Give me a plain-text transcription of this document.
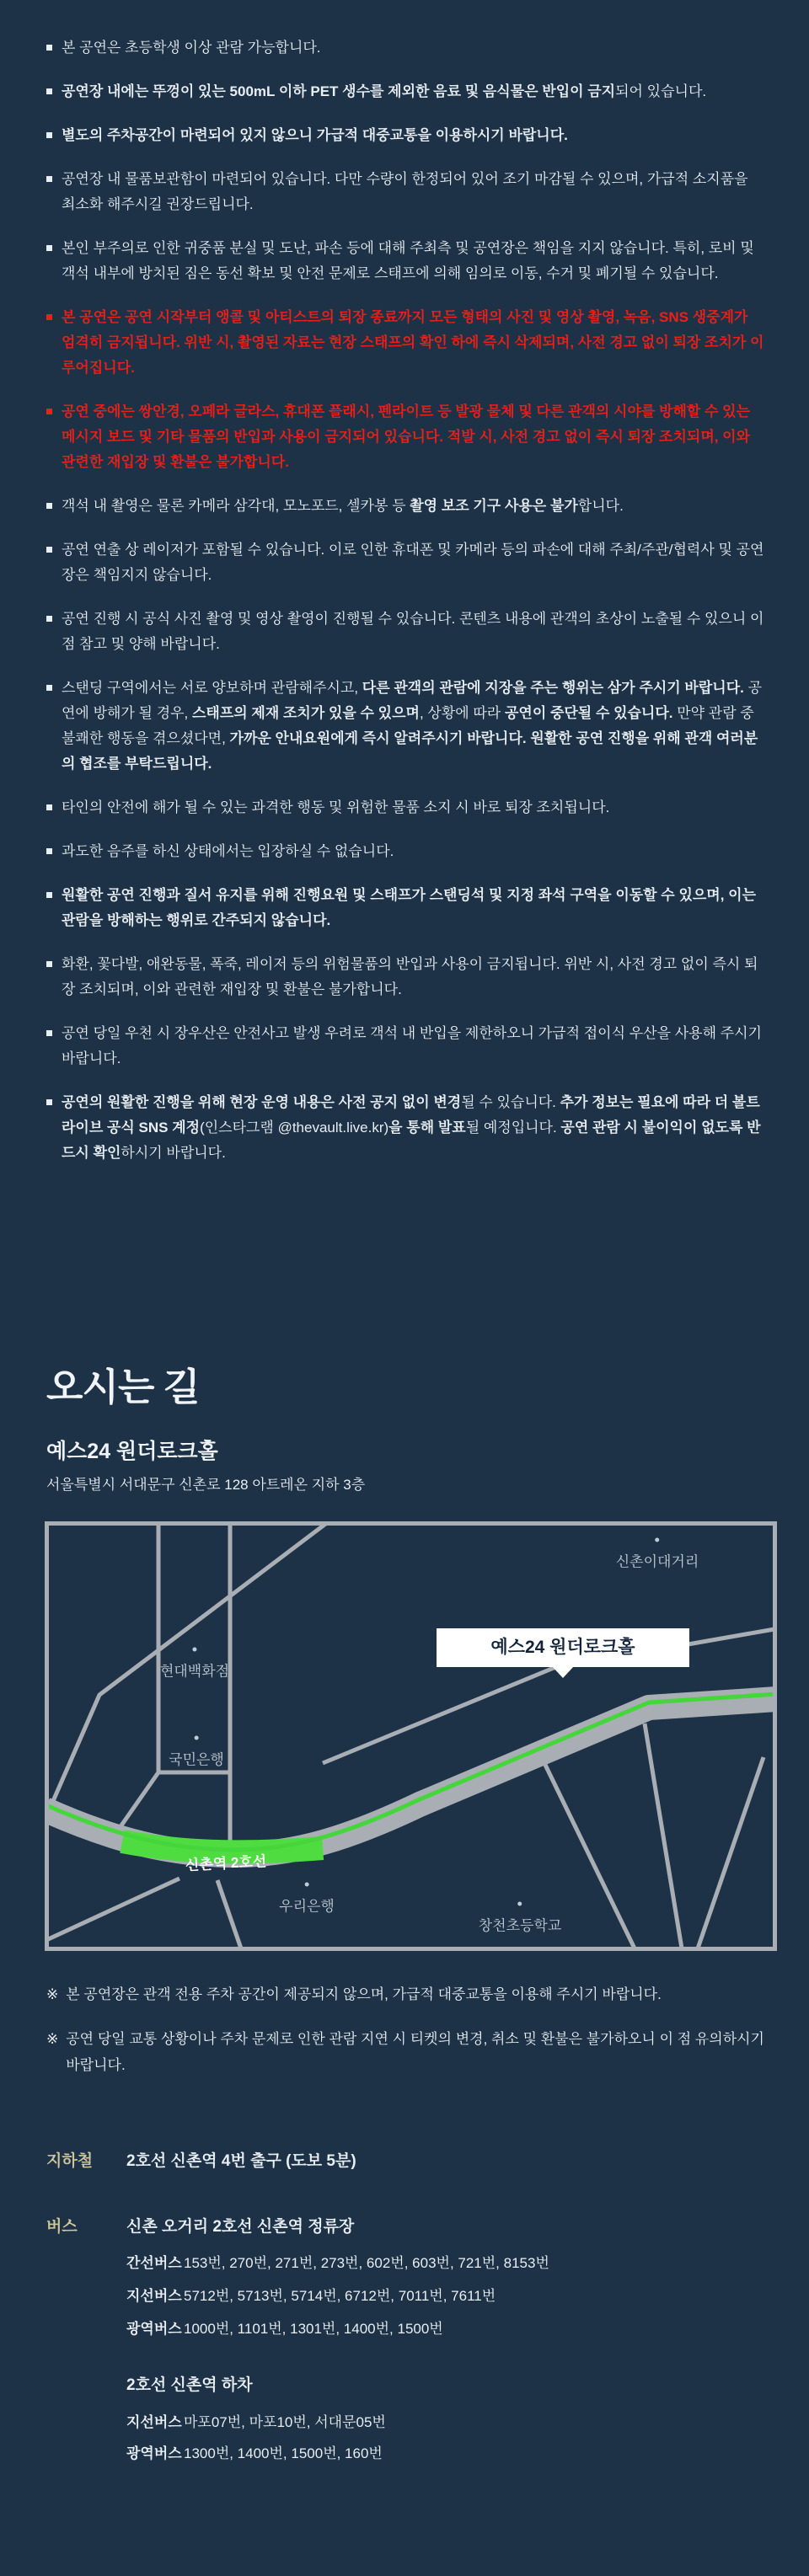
본 공연은 초등학생 이상 관람 가능합니다.
공연장 내에는 뚜껑이 있는 500mL 이하 PET 생수를 제외한 음료 및 음식물은 반입이 금지되어 있습니다.
별도의 주차공간이 마련되어 있지 않으니 가급적 대중교통을 이용하시기 바랍니다.
공연장 내 물품보관함이 마련되어 있습니다. 다만 수량이 한정되어 있어 조기 마감될 수 있으며, 가급적 소지품을 최소화 해주시길 권장드립니다.
본인 부주의로 인한 귀중품 분실 및 도난, 파손 등에 대해 주최측 및 공연장은 책임을 지지 않습니다. 특히, 로비 및 객석 내부에 방치된 짐은 동선 확보 및 안전 문제로 스태프에 의해 임의로 이동, 수거 및 폐기될 수 있습니다.
본 공연은 공연 시작부터 앵콜 및 아티스트의 퇴장 종료까지 모든 형태의 사진 및 영상 촬영, 녹음, SNS 생중계가 엄격히 금지됩니다. 위반 시, 촬영된 자료는 현장 스태프의 확인 하에 즉시 삭제되며, 사전 경고 없이 퇴장 조치가 이루어집니다.
공연 중에는 쌍안경, 오페라 글라스, 휴대폰 플래시, 펜라이트 등 발광 물체 및 다른 관객의 시야를 방해할 수 있는 메시지 보드 및 기타 물품의 반입과 사용이 금지되어 있습니다. 적발 시, 사전 경고 없이 즉시 퇴장 조치되며, 이와 관련한 재입장 및 환불은 불가합니다.
객석 내 촬영은 물론 카메라 삼각대, 모노포드, 셀카봉 등 촬영 보조 기구 사용은 불가합니다.
공연 연출 상 레이저가 포함될 수 있습니다. 이로 인한 휴대폰 및 카메라 등의 파손에 대해 주최/주관/협력사 및 공연장은 책임지지 않습니다.
공연 진행 시 공식 사진 촬영 및 영상 촬영이 진행될 수 있습니다. 콘텐츠 내용에 관객의 초상이 노출될 수 있으니 이 점 참고 및 양해 바랍니다.
스탠딩 구역에서는 서로 양보하며 관람해주시고, 다른 관객의 관람에 지장을 주는 행위는 삼가 주시기 바랍니다. 공연에 방해가 될 경우, 스태프의 제재 조치가 있을 수 있으며, 상황에 따라 공연이 중단될 수 있습니다. 만약 관람 중 불쾌한 행동을 겪으셨다면, 가까운 안내요원에게 즉시 알려주시기 바랍니다. 원활한 공연 진행을 위해 관객 여러분의 협조를 부탁드립니다.
타인의 안전에 해가 될 수 있는 과격한 행동 및 위험한 물품 소지 시 바로 퇴장 조치됩니다.
과도한 음주를 하신 상태에서는 입장하실 수 없습니다.
원활한 공연 진행과 질서 유지를 위해 진행요원 및 스태프가 스탠딩석 및 지정 좌석 구역을 이동할 수 있으며, 이는 관람을 방해하는 행위로 간주되지 않습니다.
화환, 꽃다발, 애완동물, 폭죽, 레이저 등의 위험물품의 반입과 사용이 금지됩니다. 위반 시, 사전 경고 없이 즉시 퇴장 조치되며, 이와 관련한 재입장 및 환불은 불가합니다.
공연 당일 우천 시 장우산은 안전사고 발생 우려로 객석 내 반입을 제한하오니 가급적 접이식 우산을 사용해 주시기 바랍니다.
공연의 원활한 진행을 위해 현장 운영 내용은 사전 공지 없이 변경될 수 있습니다. 추가 정보는 필요에 따라 더 볼트 라이브 공식 SNS 계정(인스타그램 @thevault.live.kr)을 통해 발표될 예정입니다. 공연 관람 시 불이익이 없도록 반드시 확인하시기 바랍니다.
오시는 길
예스24 원더로크홀

서울특별시 서대문구 신촌로 128 아트레온 지하 3층

신촌이대거리
현대백화점
국민은행
우리은행
창천초등학교
신촌역 2호선
예스24 원더로크홀
※ 본 공연장은 관객 전용 주차 공간이 제공되지 않으며, 가급적 대중교통을 이용해 주시기 바랍니다.

※ 공연 당일 교통 상황이나 주차 문제로 인한 관람 지연 시 티켓의 변경, 취소 및 환불은 불가하오니 이 점 유의하시기 바랍니다.

지하철	2호선 신촌역 4번 출구 (도보 5분)
버스	신촌 오거리 2호선 신촌역 정류장
간선버스 153번, 270번, 271번, 273번, 602번, 603번, 721번, 8153번
지선버스 5712번, 5713번, 5714번, 6712번, 7011번, 7611번
광역버스 1000번, 1101번, 1301번, 1400번, 1500번
2호선 신촌역 하차
지선버스 마포07번, 마포10번, 서대문05번
광역버스 1300번, 1400번, 1500번, 160번
